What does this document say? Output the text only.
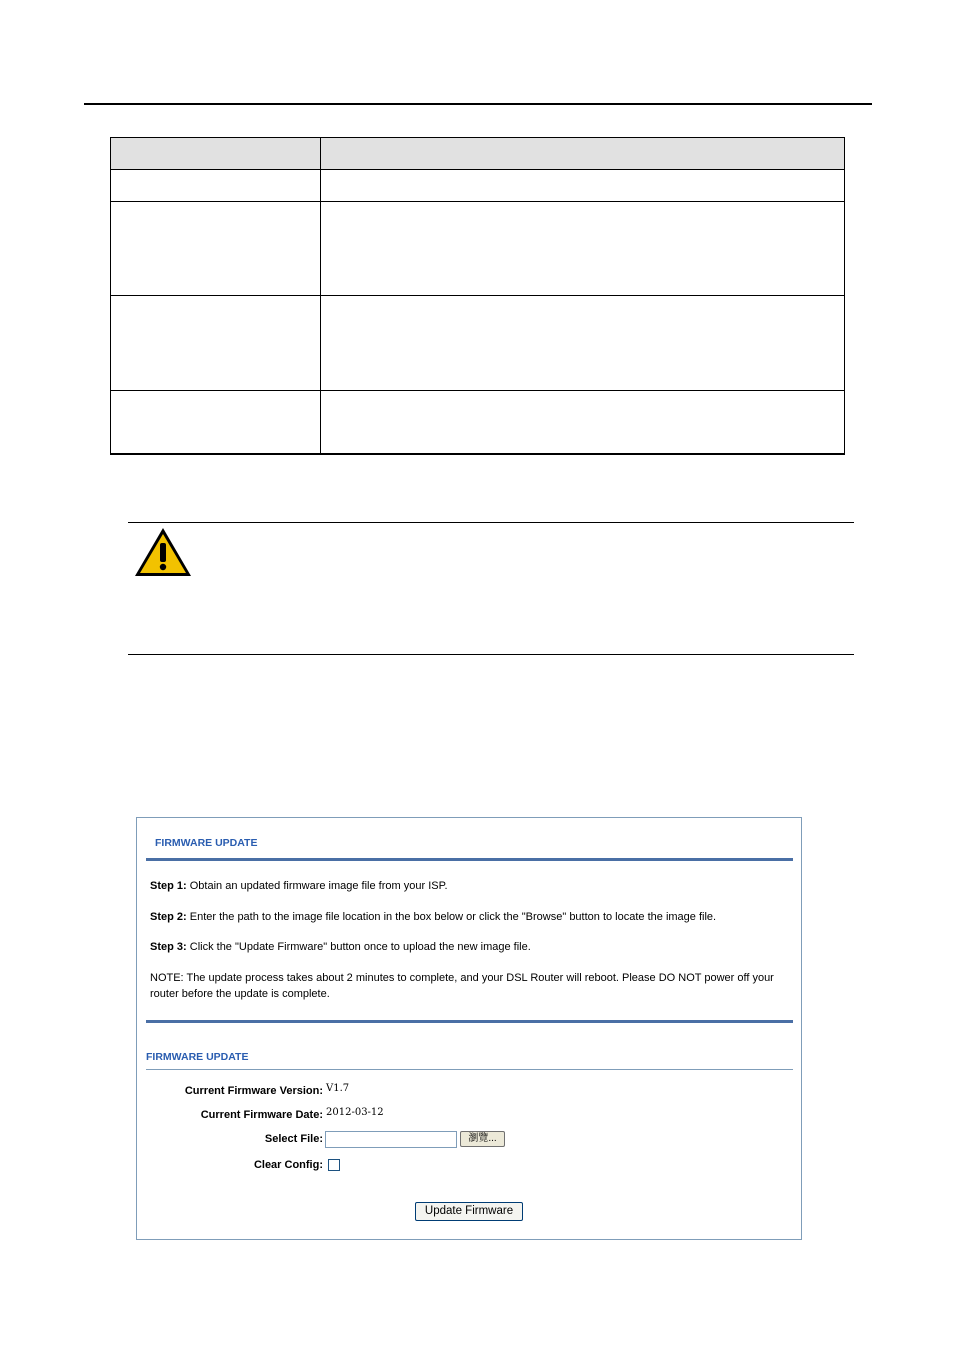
FIRMWARE UPDATE
Step 1: Obtain an updated firmware image file from your ISP.
Step 2: Enter the path to the image file location in the box below or click the "Browse" button to locate the image file.
Step 3: Click the "Update Firmware" button once to upload the new image file.
NOTE: The update process takes about 2 minutes to complete, and your DSL Router will reboot. Please DO NOT power off your router before the update is complete.
FIRMWARE UPDATE
Current Firmware Version: V1.7
Current Firmware Date: 2012-03-12
Select File:	瀏覽...
Clear Config:
Update Firmware
